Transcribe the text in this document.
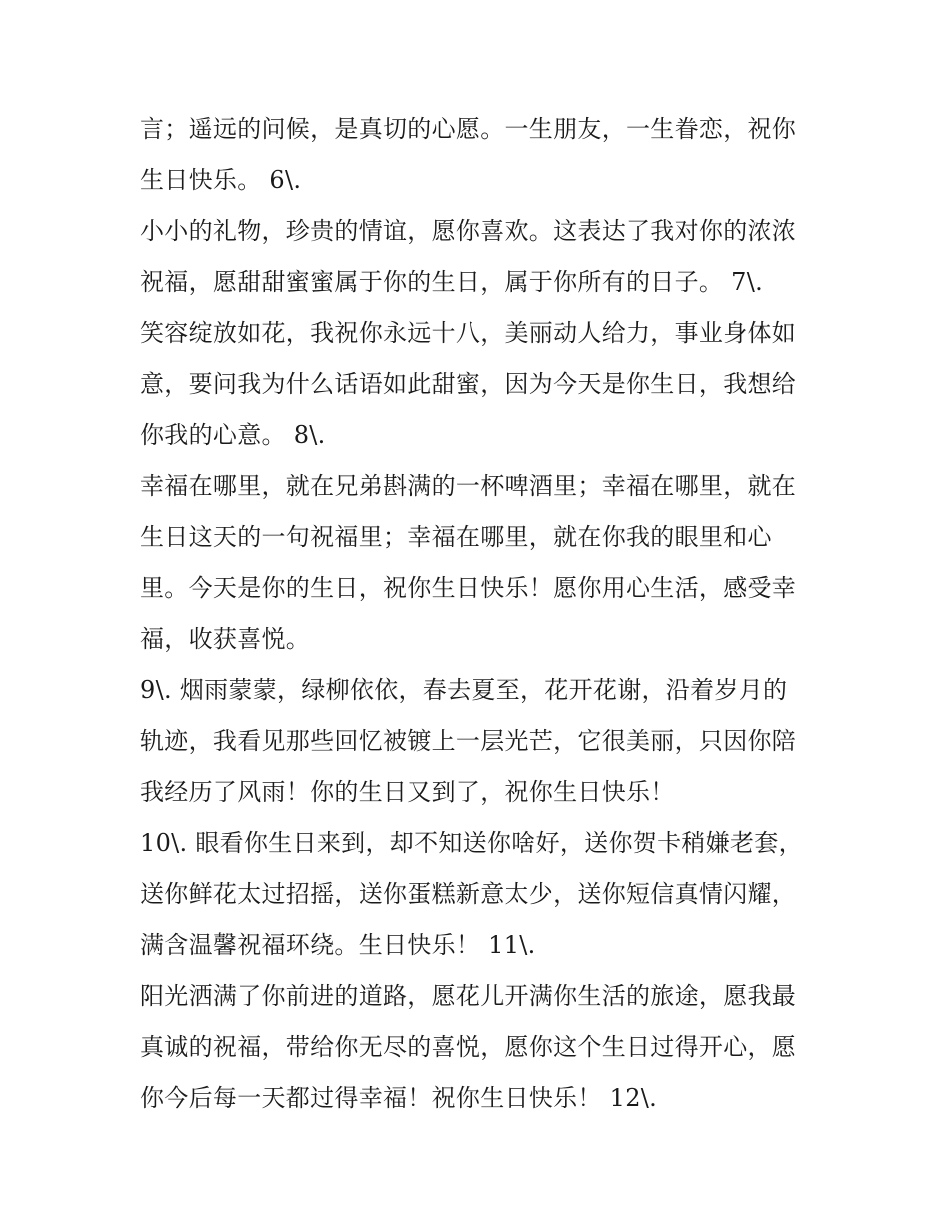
言；遥远的问候，是真切的心愿。一生朋友，一生眷恋，祝你
生日快乐。 6\.
小小的礼物，珍贵的情谊，愿你喜欢。这表达了我对你的浓浓
祝福，愿甜甜蜜蜜属于你的生日，属于你所有的日子。 7\.
笑容绽放如花，我祝你永远十八，美丽动人给力，事业身体如
意，要问我为什么话语如此甜蜜，因为今天是你生日，我想给
你我的心意。 8\.
幸福在哪里，就在兄弟斟满的一杯啤酒里；幸福在哪里，就在
生日这天的一句祝福里；幸福在哪里，就在你我的眼里和心
里。今天是你的生日，祝你生日快乐！愿你用心生活，感受幸
福，收获喜悦。
9\. 烟雨蒙蒙，绿柳依依，春去夏至，花开花谢，沿着岁月的
轨迹，我看见那些回忆被镀上一层光芒，它很美丽，只因你陪
我经历了风雨！你的生日又到了，祝你生日快乐！
10\. 眼看你生日来到，却不知送你啥好，送你贺卡稍嫌老套，
送你鲜花太过招摇，送你蛋糕新意太少，送你短信真情闪耀，
满含温馨祝福环绕。生日快乐！ 11\.
阳光洒满了你前进的道路，愿花儿开满你生活的旅途，愿我最
真诚的祝福，带给你无尽的喜悦，愿你这个生日过得开心，愿
你今后每一天都过得幸福！祝你生日快乐！ 12\.
